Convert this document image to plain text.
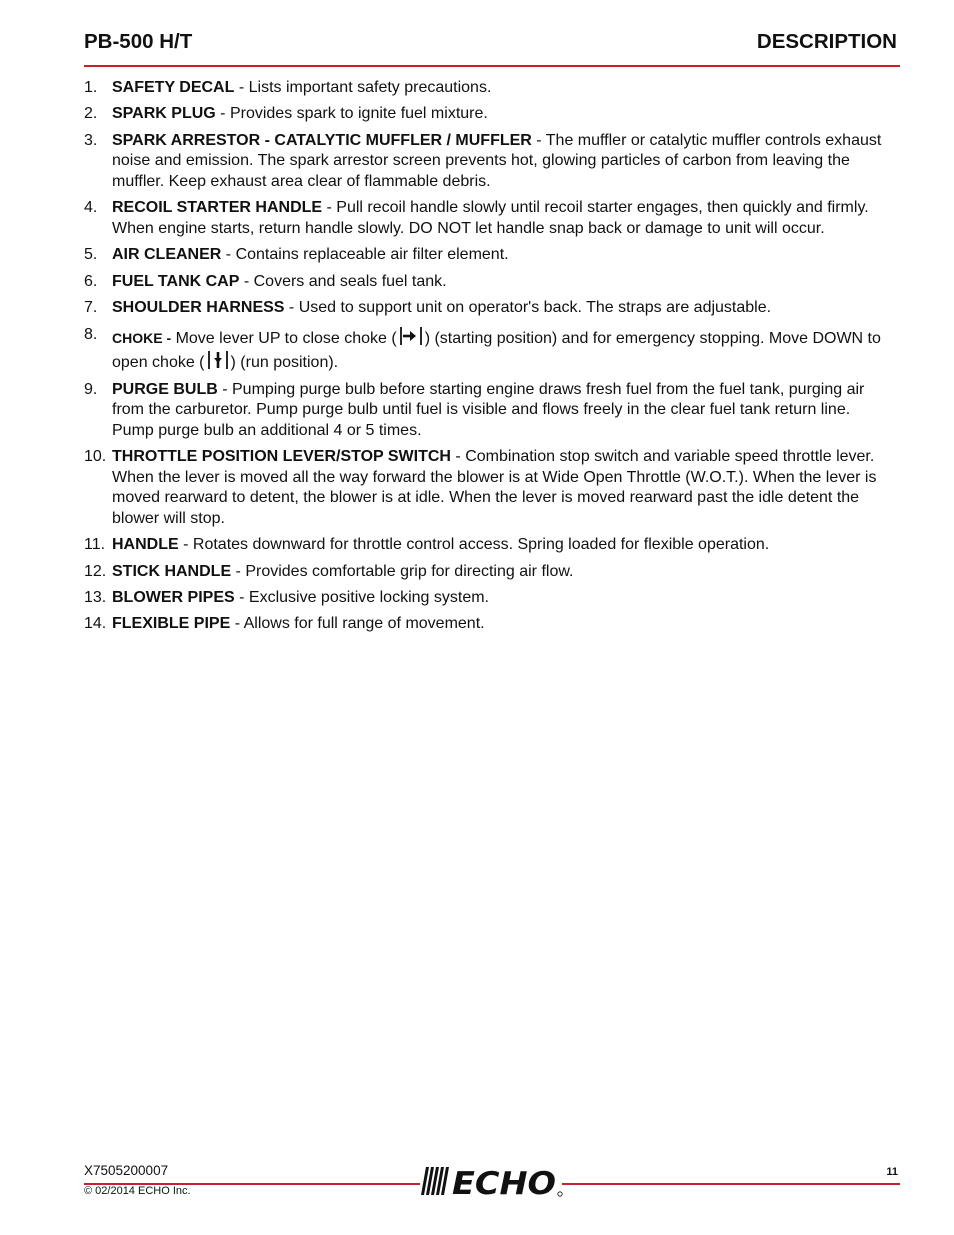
PB-500 H/T	DESCRIPTION
1. SAFETY DECAL - Lists important safety precautions.
2. SPARK PLUG - Provides spark to ignite fuel mixture.
3. SPARK ARRESTOR - CATALYTIC MUFFLER / MUFFLER - The muffler or catalytic muffler controls exhaust noise and emission. The spark arrestor screen prevents hot, glowing particles of carbon from leaving the muffler. Keep exhaust area clear of flammable debris.
4. RECOIL STARTER HANDLE - Pull recoil handle slowly until recoil starter engages, then quickly and firmly. When engine starts, return handle slowly. DO NOT let handle snap back or damage to unit will occur.
5. AIR CLEANER - Contains replaceable air filter element.
6. FUEL TANK CAP - Covers and seals fuel tank.
7. SHOULDER HARNESS - Used to support unit on operator's back. The straps are adjustable.
8.	CHOKE - Move lever UP to close choke ( ) (starting position) and for emergency stopping. Move DOWN to open choke ( ) (run position).
9. PURGE BULB - Pumping purge bulb before starting engine draws fresh fuel from the fuel tank, purging air from the carburetor. Pump purge bulb until fuel is visible and flows freely in the clear fuel tank return line. Pump purge bulb an additional 4 or 5 times.
10. THROTTLE POSITION LEVER/STOP SWITCH - Combination stop switch and variable speed throttle lever. When the lever is moved all the way forward the blower is at Wide Open Throttle (W.O.T.). When the lever is moved rearward to detent, the blower is at idle. When the lever is moved rearward past the idle detent the blower will stop.
11. HANDLE - Rotates downward for throttle control access. Spring loaded for flexible operation.
12. STICK HANDLE - Provides comfortable grip for directing air flow.
13. BLOWER PIPES - Exclusive positive locking system.
14. FLEXIBLE PIPE - Allows for full range of movement.
X7505200007
© 02/2014 ECHO Inc.
11
ECHO
